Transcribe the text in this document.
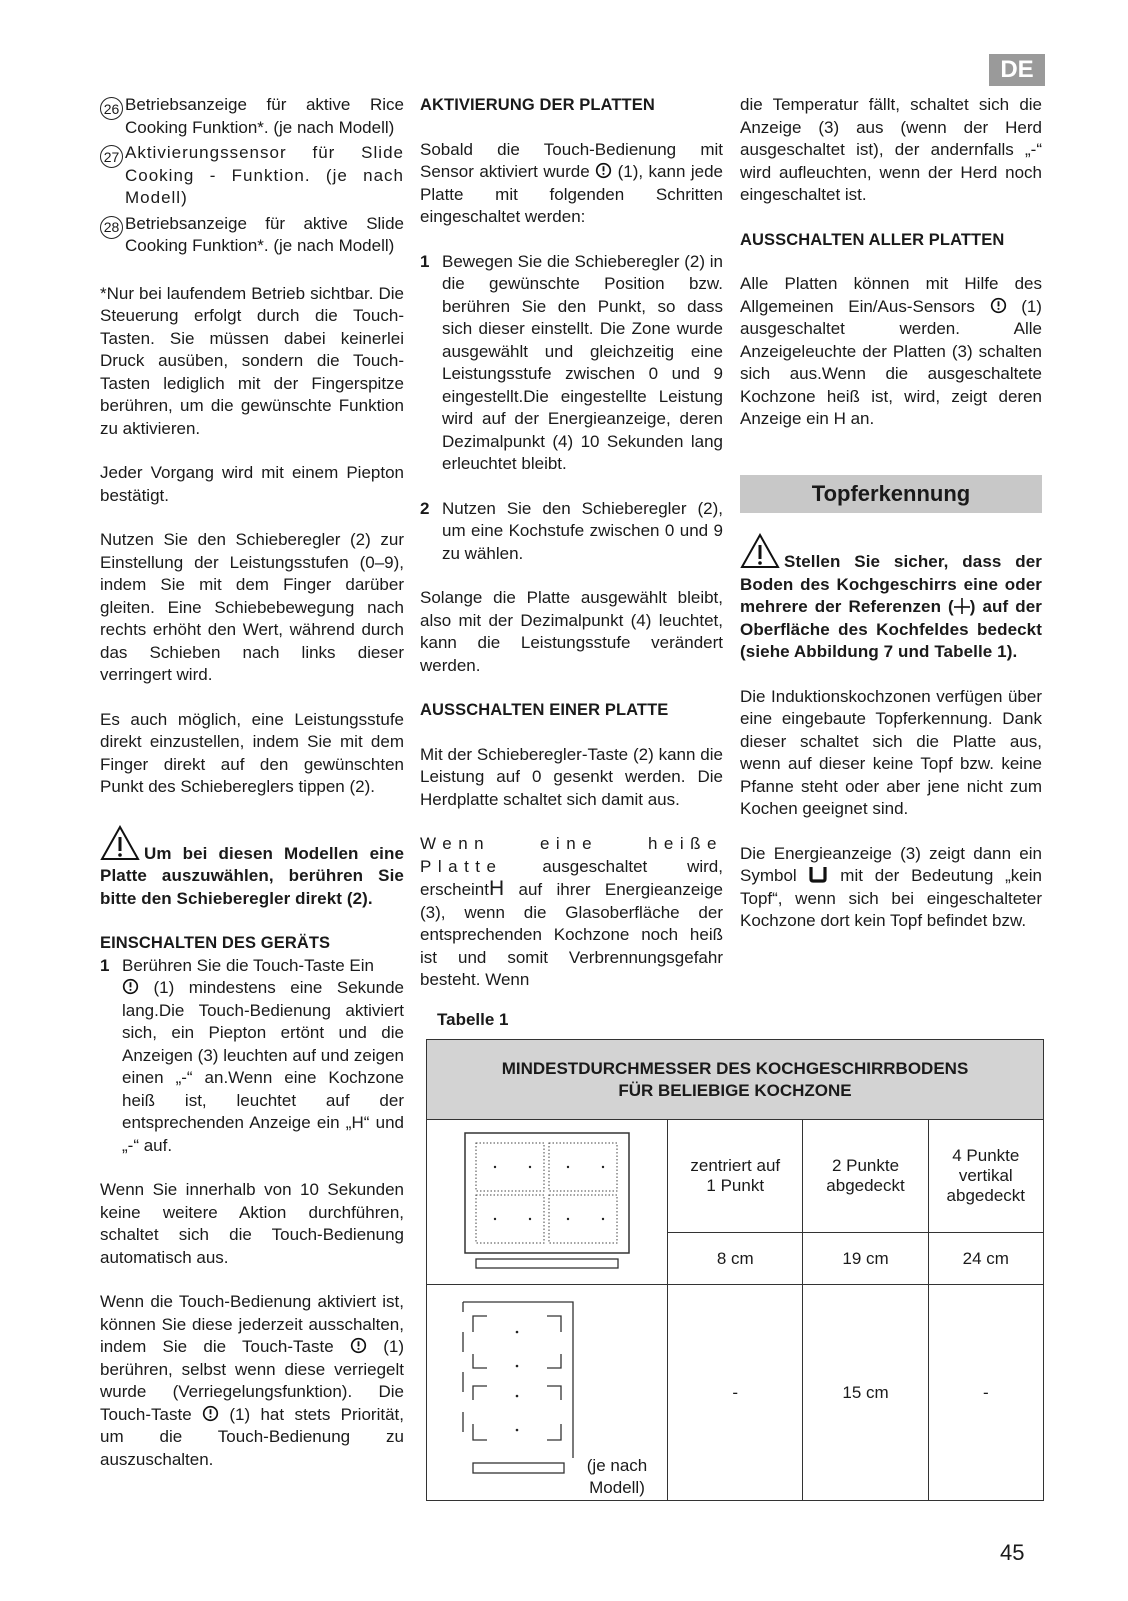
DE
26 Betriebsanzeige für aktive Rice Cooking Funktion*. (je nach Modell)

27 Aktivierungssensor für Slide Cooking - Funktion. (je nach Modell)

28 Betriebsanzeige für aktive Slide Cooking Funktion*. (je nach Modell)

*Nur bei laufendem Betrieb sichtbar. Die Steuerung erfolgt durch die Touch-Tasten. Sie müssen dabei keinerlei Druck ausüben, sondern die Touch-Tasten lediglich mit der Fingerspitze berühren, um die gewünschte Funktion zu aktivieren.

Jeder Vorgang wird mit einem Piepton bestätigt.

Nutzen Sie den Schieberegler (2) zur Einstellung der Leistungsstufen (0–9), indem Sie mit dem Finger darüber gleiten. Eine Schiebebewegung nach rechts erhöht den Wert, während durch das Schieben nach links dieser verringert wird.

Es auch möglich, eine Leistungsstufe direkt einzustellen, indem Sie mit dem Finger direkt auf den gewünschten Punkt des Schiebereglers tippen (2).

Um bei diesen Modellen eine Platte auszuwählen, berühren Sie bitte den Schieberegler direkt (2).

EINSCHALTEN DES GERÄTS

1 Berühren Sie die Touch-Taste Ein
(1) mindestens eine Sekunde lang.Die Touch-Bedienung aktiviert sich, ein Piepton ertönt und die Anzeigen (3) leuchten auf und zeigen einen „-“ an.Wenn eine Kochzone heiß ist, leuchtet auf der entsprechenden Anzeige ein „H“ und „-“ auf.

Wenn Sie innerhalb von 10 Sekunden keine weitere Aktion durchführen, schaltet sich die Touch-Bedienung automatisch aus.

Wenn die Touch-Bedienung aktiviert ist, können Sie diese jederzeit ausschalten, indem Sie die Touch-Taste	(1) berühren, selbst wenn diese verriegelt wurde (Verriegelungsfunktion). Die Touch-Taste (1) hat stets Priorität, um die Touch-Bedienung zu auszuschalten.

AKTIVIERUNG DER PLATTEN

Sobald die Touch-Bedienung mit Sensor aktiviert wurde (1), kann jede Platte mit folgenden Schritten eingeschaltet werden:

1 Bewegen Sie die Schieberegler (2) in die gewünschte Position bzw. berühren Sie den Punkt, so dass sich dieser einstellt. Die Zone wurde ausgewählt und gleichzeitig eine Leistungsstufe zwischen 0 und 9 eingestellt.Die eingestellte Leistung wird auf der Energieanzeige, deren Dezimalpunkt (4) 10 Sekunden lang erleuchtet bleibt.

2 Nutzen Sie den Schieberegler (2), um eine Kochstufe zwischen 0 und 9 zu wählen.

Solange die Platte ausgewählt bleibt, also mit der Dezimalpunkt (4) leuchtet, kann die Leistungsstufe verändert werden.

AUSSCHALTEN EINER PLATTE

Mit der Schieberegler-Taste (2) kann die Leistung auf 0 gesenkt werden. Die Herdplatte schaltet sich damit aus.

Wenn eine heiße Platte ausgeschaltet wird, erscheintH auf ihrer Energieanzeige (3), wenn die Glasoberfläche der entsprechenden Kochzone noch heiß ist und somit Verbrennungsgefahr besteht. Wenn

die Temperatur fällt, schaltet sich die Anzeige (3) aus (wenn der Herd ausgeschaltet ist), der andernfalls „-“ wird aufleuchten, wenn der Herd noch eingeschaltet ist.

AUSSCHALTEN ALLER PLATTEN

Alle Platten können mit Hilfe des Allgemeinen Ein/Aus-Sensors	(1) ausgeschaltet werden. Alle Anzeigeleuchte der Platten (3) schalten sich aus.Wenn die ausgeschaltete Kochzone heiß ist, wird, zeigt deren Anzeige ein H an.

Topferkennung

Stellen Sie sicher, dass der Boden des Kochgeschirrs eine oder mehrere der Referenzen ( ) auf der Oberfläche des Kochfeldes bedeckt (siehe Abbildung 7 und Tabelle 1).

Die Induktionskochzonen verfügen über eine eingebaute Topferkennung. Dank dieser schaltet sich die Platte aus, wenn auf dieser keine Topf bzw. keine Pfanne steht oder aber jene nicht zum Kochen geeignet sind.

Die Energieanzeige (3) zeigt dann ein Symbol	mit der Bedeutung „kein Topf“, wenn sich bei eingeschalteter Kochzone dort kein Topf befindet bzw.

Tabelle 1
MINDESTDURCHMESSER DES KOCHGESCHIRRBODENS
FÜR BELIEBIGE KOCHZONE			
	zentriert auf 1 Punkt	2 Punkte abgedeckt	4 Punkte vertikal abgedeckt
	8 cm	19 cm	24 cm

(je nach Modell)	-	15 cm	-
45
